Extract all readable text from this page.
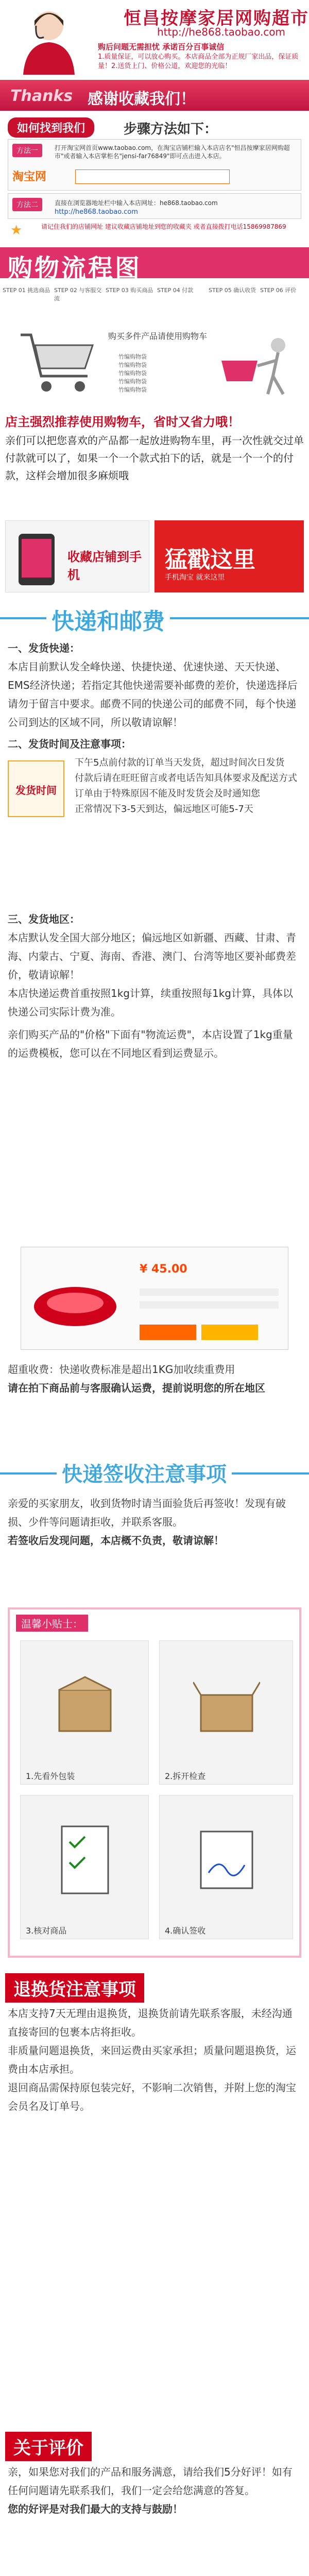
恒昌按摩家居网购超市
http://he868.taobao.com
购后问题无需担忧 承诺百分百事诚信
1.质量保证，可以放心购买。本店商品全部为正规厂家出品，保证质量！2.送货上门、价格公道，欢迎您的光临！
Thanks 感谢收藏我们！
如何找到我们	步骤方法如下：
方法一	打开淘宝网首页www.taobao.com，在淘宝店铺栏输入本店店名"恒昌按摩家居网购超市"或者输入本店掌柜名"jensi-far76849"即可点击进入本店。
淘宝网
方法二	直接在浏览器地址栏中输入本店网址：he868.taobao.com
http://he868.taobao.com
请记住我们的店铺网址 建议收藏店铺地址到您的收藏夹 或者直接拨打电话15869987869
★
购物流程图
STEP 01 挑选商品 STEP 02 与客服交流
STEP 03 购买商品 STEP 04 付款	STEP 05 确认收货 STEP 06 评价
购买多件产品请使用购物车
竹编购物袋
竹编购物袋
竹编购物袋
竹编购物袋
竹编购物袋
店主强烈推荐使用购物车，省时又省力哦！
亲们可以把您喜欢的产品都一起放进购物车里，再一次性就交过单付款就可以了，如果一个一个款式拍下的话，就是一个一个的付款，这样会增加很多麻烦哦
收藏店铺到手机
猛戳这里
手机淘宝 就来这里
快递和邮费
一、发货快递：
本店目前默认发全峰快递、快捷快递、优速快递、天天快递、EMS经济快递；若指定其他快递需要补邮费的差价，快递选择后请勿于留言中要求。邮费不同的快递公司的邮费不同，每个快递公司到达的区域不同，所以敬请谅解！
二、发货时间及注意事项：
发货时间
下午5点前付款的订单当天发货，超过时间次日发货
付款后请在旺旺留言或者电话告知具体要求及配送方式
订单由于特殊原因不能及时发货会及时通知您
正常情况下3-5天到达，偏远地区可能5-7天
三、发货地区：
本店默认发全国大部分地区；偏远地区如新疆、西藏、甘肃、青海、内蒙古、宁夏、海南、香港、澳门、台湾等地区要补邮费差价，敬请谅解！
本店快递运费首重按照1kg计算，续重按照每1kg计算，具体以快递公司实际计费为准。
亲们购买产品的"价格"下面有"物流运费"，本店设置了1kg重量的运费模板，您可以在不同地区看到运费显示。
¥ 45.00
超重收费：快递收费标准是超出1KG加收续重费用
请在拍下商品前与客服确认运费，提前说明您的所在地区
快递签收注意事项
亲爱的买家朋友，收到货物时请当面验货后再签收！发现有破损、少件等问题请拒收，并联系客服。
若签收后发现问题，本店概不负责，敬请谅解！
温馨小贴士：
1.先看外包装	2.拆开检查
3.核对商品	4.确认签收
退换货注意事项
本店支持7天无理由退换货，退换货前请先联系客服，未经沟通直接寄回的包裹本店将拒收。
非质量问题退换货，来回运费由买家承担；质量问题退换货，运费由本店承担。
退回商品需保持原包装完好，不影响二次销售，并附上您的淘宝会员名及订单号。
关于评价
亲，如果您对我们的产品和服务满意，请给我们5分好评！如有任何问题请先联系我们，我们一定会给您满意的答复。
您的好评是对我们最大的支持与鼓励！
